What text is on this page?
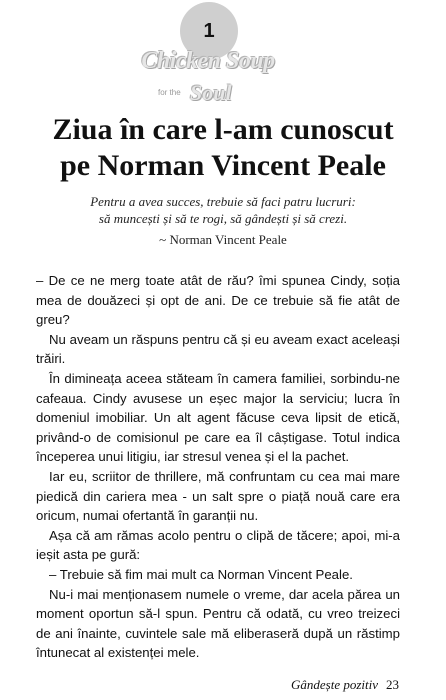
1
Chicken Soup
for the Soul
Ziua în care l-am cunoscut
pe Norman Vincent Peale
Pentru a avea succes, trebuie să faci patru lucruri:
să muncești și să te rogi, să gândești și să crezi.
~ Norman Vincent Peale

– De ce ne merg toate atât de rău? îmi spunea Cindy, soția mea de douăzeci și opt de ani. De ce trebuie să fie atât de greu?

Nu aveam un răspuns pentru că și eu aveam exact aceleași trăiri.

În dimineața aceea stăteam în camera familiei, sorbindu-ne cafeaua. Cindy avusese un eșec major la serviciu; lucra în domeniul imobiliar. Un alt agent făcuse ceva lipsit de etică, privând-o de comisionul pe care ea îl câștigase. Totul indica începerea unui litigiu, iar stresul venea și el la pachet.

Iar eu, scriitor de thrillere, mă confruntam cu cea mai mare piedică din cariera mea - un salt spre o piață nouă care era oricum, numai ofertantă în garanții nu.

Așa că am rămas acolo pentru o clipă de tăcere; apoi, mi-a ieșit asta pe gură:

– Trebuie să fim mai mult ca Norman Vincent Peale.

Nu-i mai menționasem numele o vreme, dar acela părea un moment oportun să-l spun. Pentru că odată, cu vreo treizeci de ani înainte, cuvintele sale mă eliberaseră după un răstimp întunecat al existenței mele.

Gândește pozitiv 23
